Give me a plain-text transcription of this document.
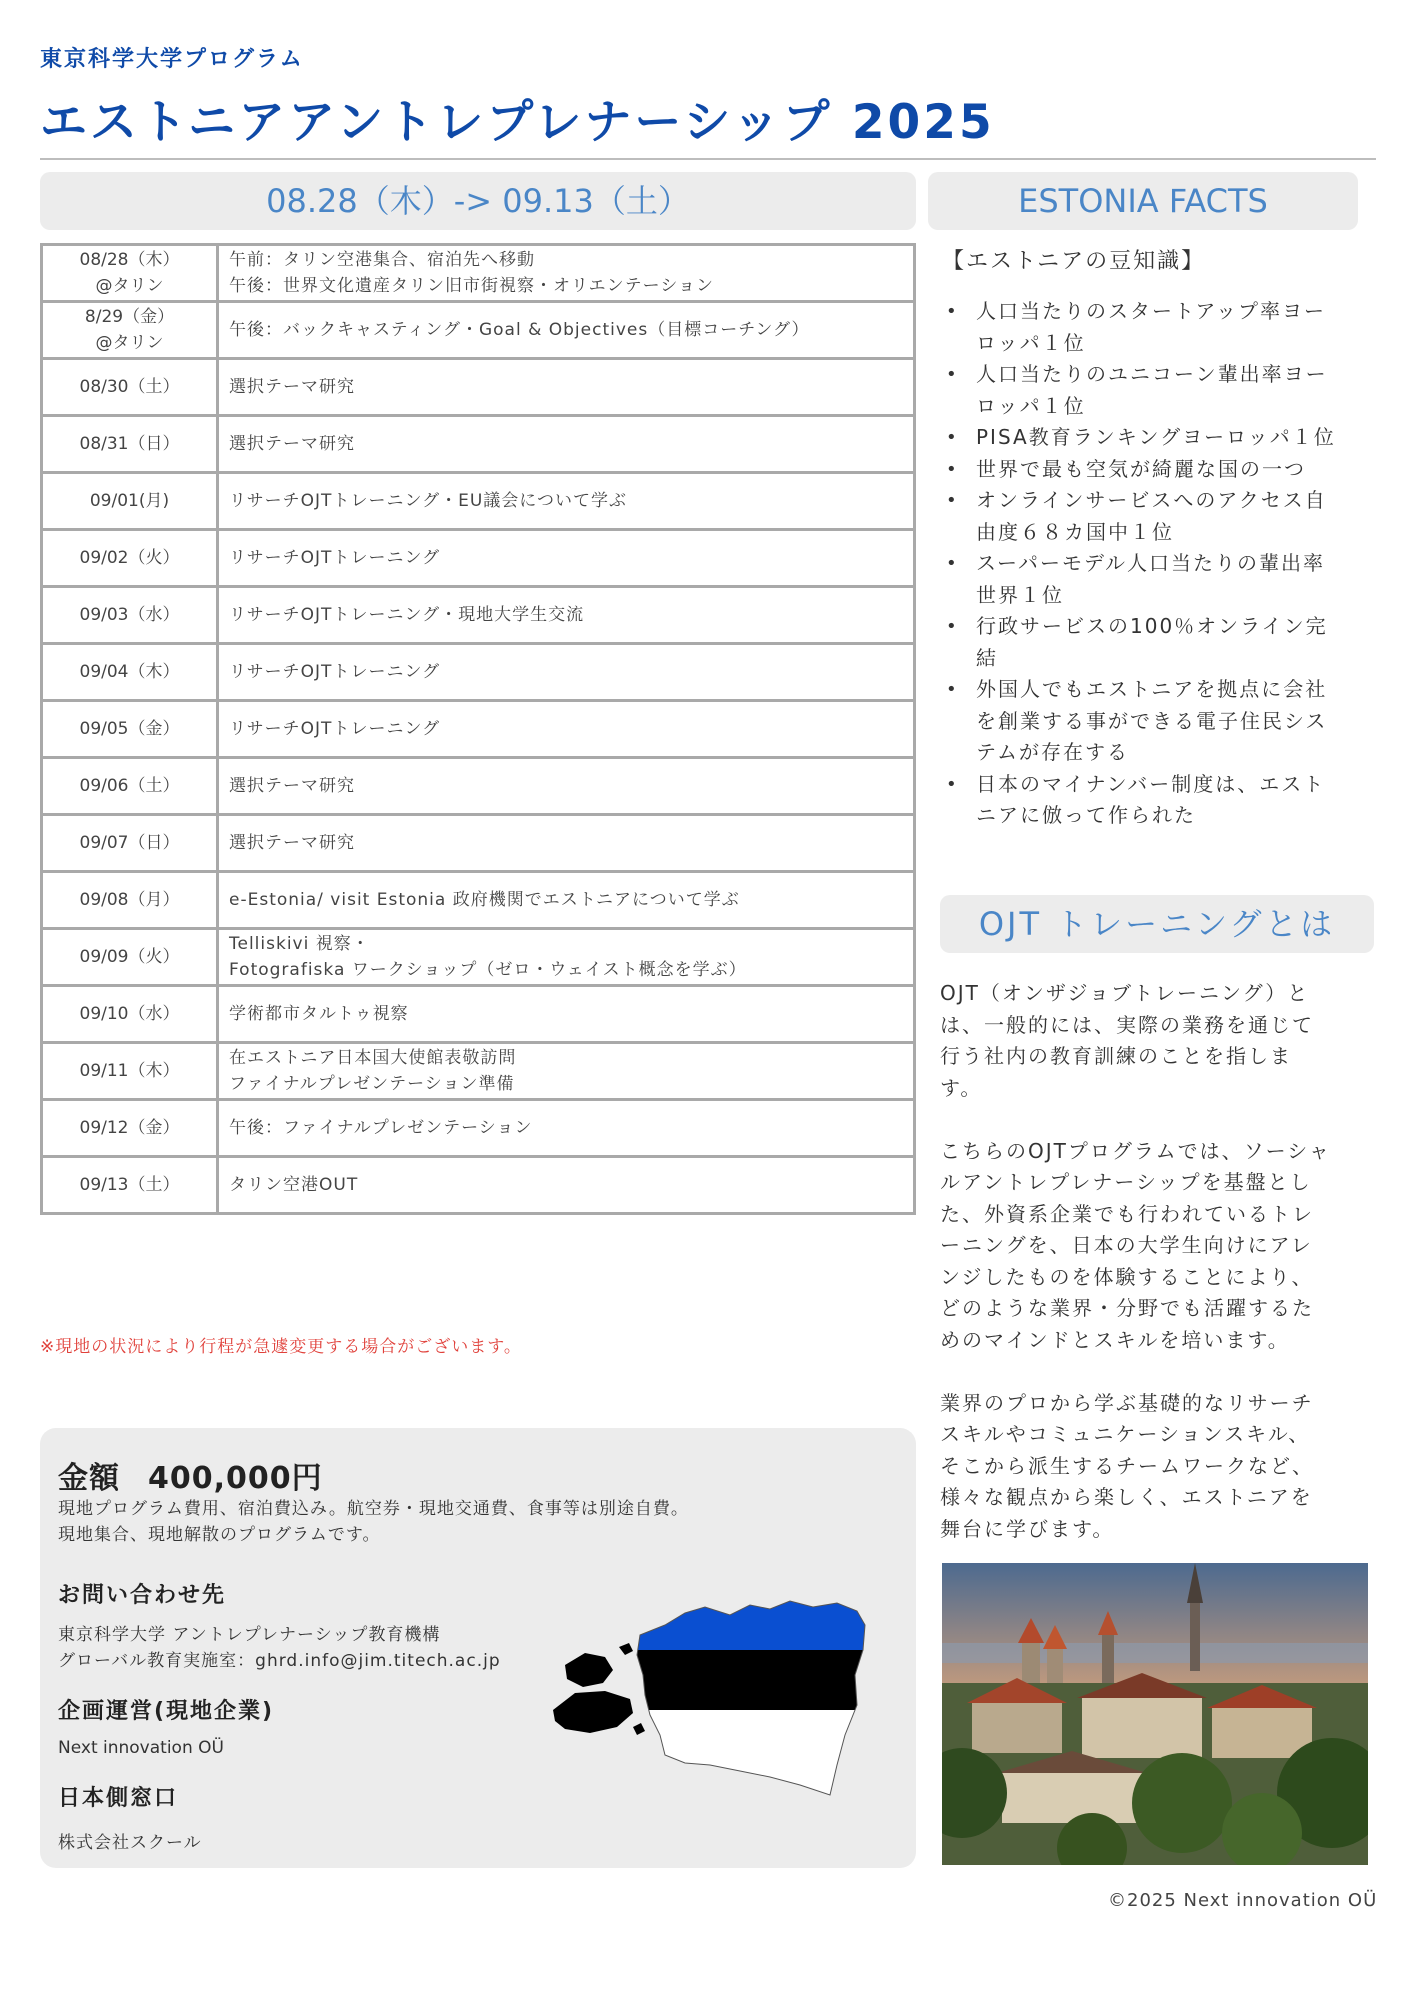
東京科学大学プログラム
エストニアアントレプレナーシップ 2025
08.28（木）-> 09.13（土）	ESTONIA FACTS
08/28（木）
@タリン	午前：タリン空港集合、宿泊先へ移動
午後：世界文化遺産タリン旧市街視察・オリエンテーション

8/29（金）
@タリン	午後：バックキャスティング・Goal & Objectives（目標コーチング）

08/30（土）	選択テーマ研究

08/31（日）	選択テーマ研究

09/01(月)	リサーチOJTトレーニング・EU議会について学ぶ

09/02（火）	リサーチOJTトレーニング

09/03（水）	リサーチOJTトレーニング・現地大学生交流

09/04（木）	リサーチOJTトレーニング

09/05（金）	リサーチOJTトレーニング

09/06（土）	選択テーマ研究

09/07（日）	選択テーマ研究

09/08（月）	e-Estonia/ visit Estonia 政府機関でエストニアについて学ぶ

09/09（火）	Telliskivi 視察・
Fotografiska ワークショップ（ゼロ・ウェイスト概念を学ぶ）

09/10（水）	学術都市タルトゥ視察

09/11（木）	在エストニア日本国大使館表敬訪問
ファイナルプレゼンテーション準備

09/12（金）	午後：ファイナルプレゼンテーション

09/13（土）	タリン空港OUT
※現地の状況により行程が急遽変更する場合がございます。
【エストニアの豆知識】
• 人口当たりのスタートアップ率ヨー
ロッパ１位
• 人口当たりのユニコーン輩出率ヨー
ロッパ１位
• PISA教育ランキングヨーロッパ１位
• 世界で最も空気が綺麗な国の一つ
• オンラインサービスへのアクセス自
由度６８カ国中１位
• スーパーモデル人口当たりの輩出率
世界１位
• 行政サービスの100％オンライン完
結
• 外国人でもエストニアを拠点に会社
を創業する事ができる電子住民シス
テムが存在する
• 日本のマイナンバー制度は、エスト
ニアに倣って作られた
OJT トレーニングとは

OJT（オンザジョブトレーニング）と
は、一般的には、実際の業務を通じて
行う社内の教育訓練のことを指しま
す。

こちらのOJTプログラムでは、ソーシャ
ルアントレプレナーシップを基盤とし
た、外資系企業でも行われているトレ
ーニングを、日本の大学生向けにアレ
ンジしたものを体験することにより、
どのような業界・分野でも活躍するた
めのマインドとスキルを培います。

業界のプロから学ぶ基礎的なリサーチ
スキルやコミュニケーションスキル、
そこから派生するチームワークなど、
様々な観点から楽しく、エストニアを
舞台に学びます。

©2025 Next innovation OÜ
金額 400,000円
現地プログラム費用、宿泊費込み。航空券・現地交通費、食事等は別途自費。
現地集合、現地解散のプログラムです。
お問い合わせ先
東京科学大学 アントレプレナーシップ教育機構
グローバル教育実施室：ghrd.info@jim.titech.ac.jp
企画運営(現地企業)
Next innovation OÜ
日本側窓口
株式会社スクール
